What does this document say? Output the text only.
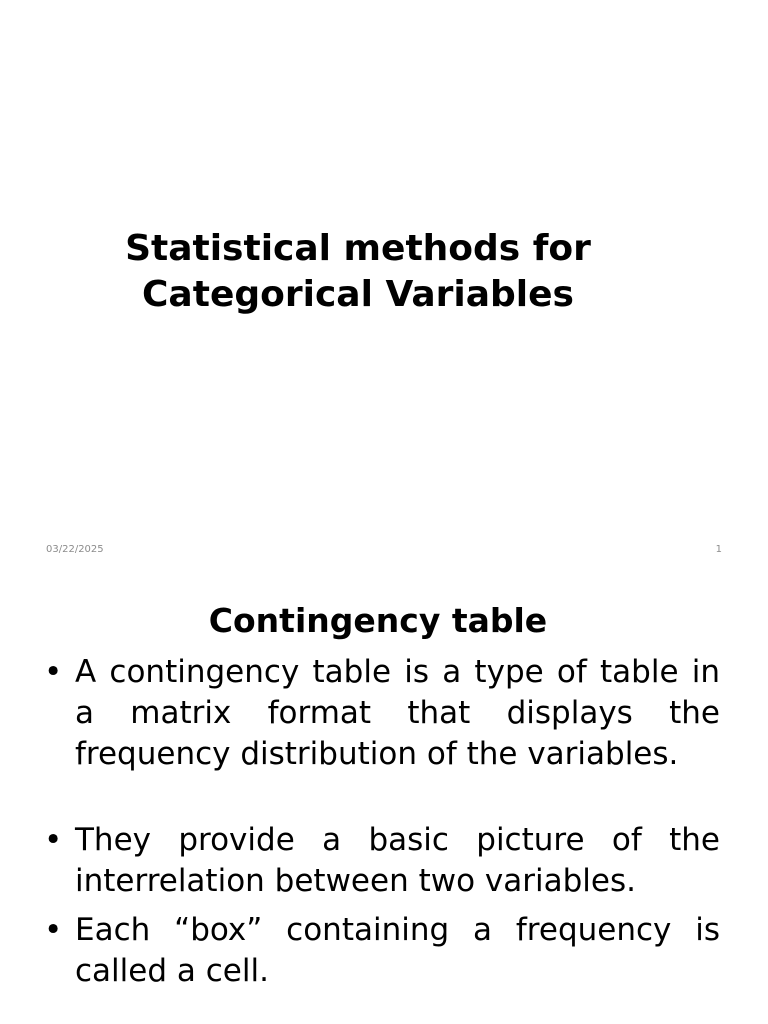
Statistical methods for
Categorical Variables
03/22/2025	1
Contingency table
• A contingency table is a type of table in a matrix format that displays the frequency distribution of the variables.
• They provide a basic picture of the interrelation between two variables.
• Each “box” containing a frequency is called a cell.
